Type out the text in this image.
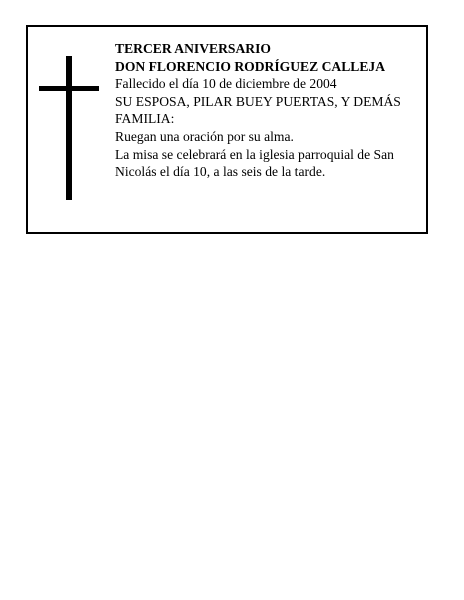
TERCER ANIVERSARIO
DON FLORENCIO RODRÍGUEZ CALLEJA
Fallecido el día 10 de diciembre de 2004
SU ESPOSA, PILAR BUEY PUERTAS, Y DEMÁS FAMILIA:
Ruegan una oración por su alma.
La misa se celebrará en la iglesia parroquial de San Nicolás el día 10, a las seis de la tarde.
